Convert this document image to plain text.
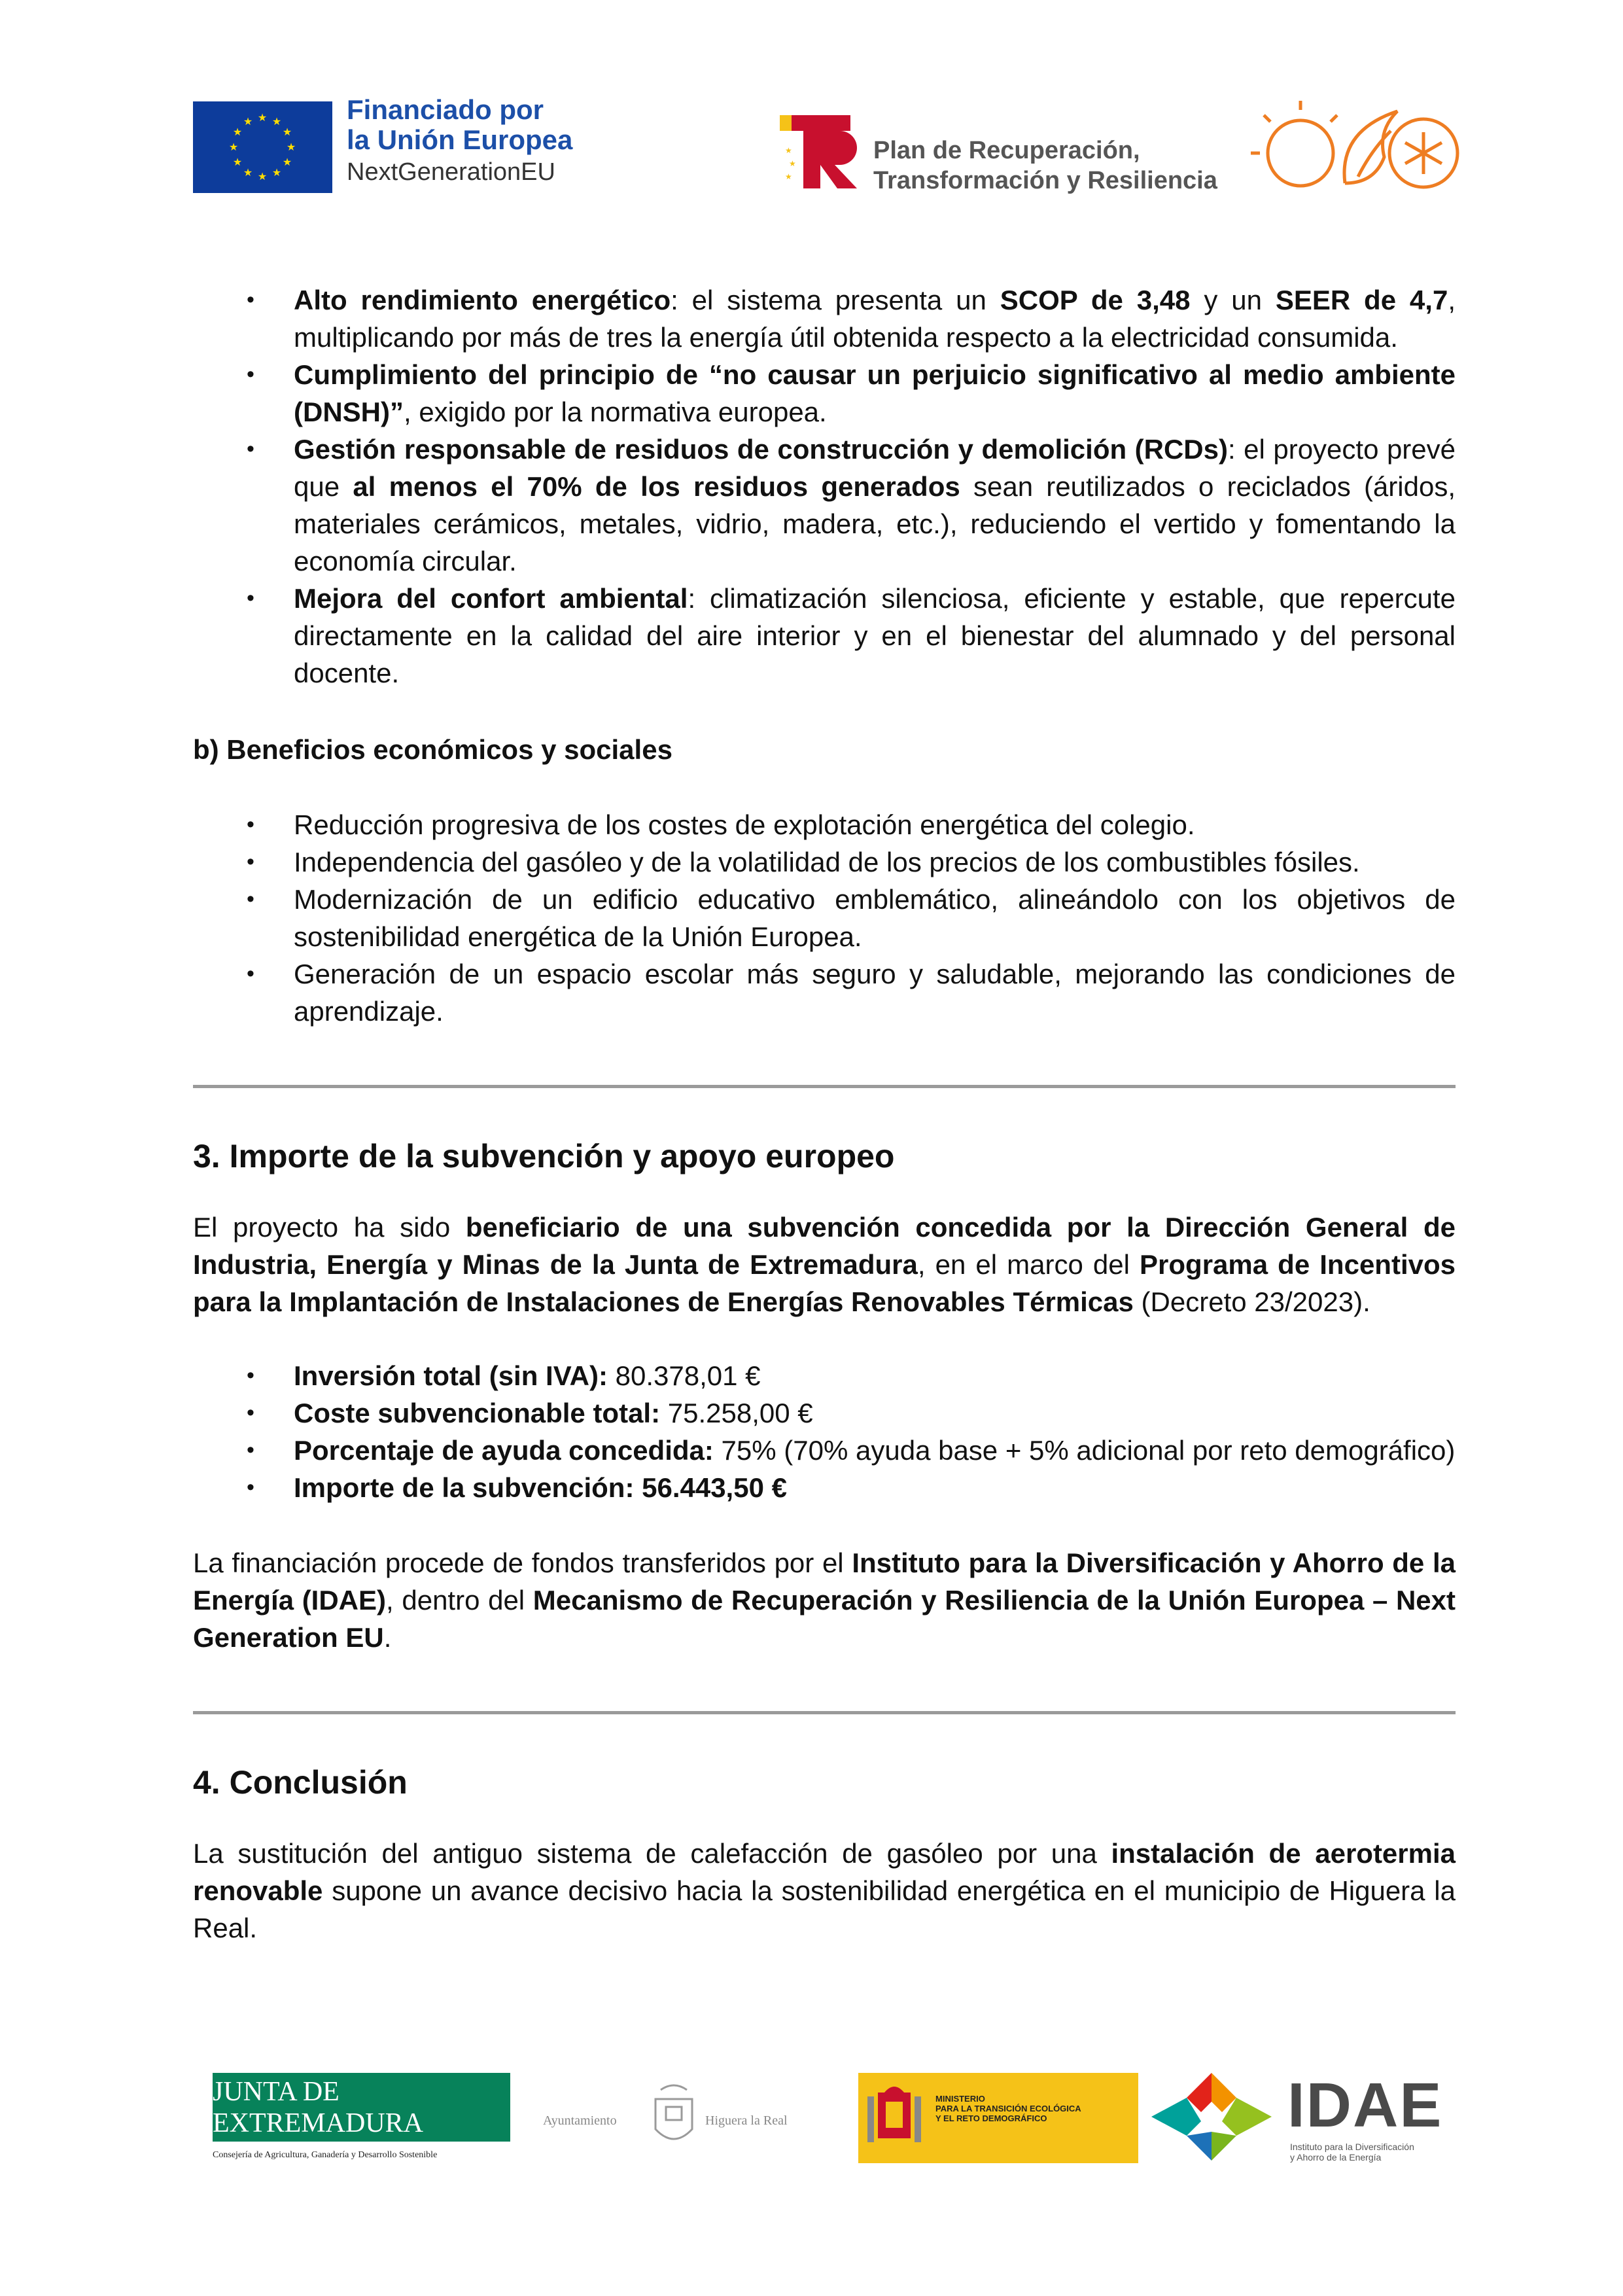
★ ★
★
★
★
★
★
★
★
★
★
★	Financiado por
la Unión Europea
NextGenerationEU
★
★
★
Plan de Recuperación,
Transformación y Resiliencia
• Alto rendimiento energético: el sistema presenta un SCOP de 3,48 y un SEER de 4,7, multiplicando por más de tres la energía útil obtenida respecto a la electricidad consumida.
• Cumplimiento del principio de “no causar un perjuicio significativo al medio ambiente (DNSH)”, exigido por la normativa europea.
• Gestión responsable de residuos de construcción y demolición (RCDs): el proyecto prevé que al menos el 70% de los residuos generados sean reutilizados o reciclados (áridos, materiales cerámicos, metales, vidrio, madera, etc.), reduciendo el vertido y fomentando la economía circular.
• Mejora del confort ambiental: climatización silenciosa, eficiente y estable, que repercute directamente en la calidad del aire interior y en el bienestar del alumnado y del personal docente.
b) Beneficios económicos y sociales
• Reducción progresiva de los costes de explotación energética del colegio.
• Independencia del gasóleo y de la volatilidad de los precios de los combustibles fósiles.
• Modernización de un edificio educativo emblemático, alineándolo con los objetivos de sostenibilidad energética de la Unión Europea.
• Generación de un espacio escolar más seguro y saludable, mejorando las condiciones de aprendizaje.
3. Importe de la subvención y apoyo europeo

El proyecto ha sido beneficiario de una subvención concedida por la Dirección General de Industria, Energía y Minas de la Junta de Extremadura, en el marco del Programa de Incentivos para la Implantación de Instalaciones de Energías Renovables Térmicas (Decreto 23/2023).

• Inversión total (sin IVA): 80.378,01 €
• Coste subvencionable total: 75.258,00 €
• Porcentaje de ayuda concedida: 75% (70% ayuda base + 5% adicional por reto demográfico)
• Importe de la subvención: 56.443,50 €

La financiación procede de fondos transferidos por el Instituto para la Diversificación y Ahorro de la Energía (IDAE), dentro del Mecanismo de Recuperación y Resiliencia de la Unión Europea – Next Generation EU.

4. Conclusión

La sustitución del antiguo sistema de calefacción de gasóleo por una instalación de aerotermia renovable supone un avance decisivo hacia la sostenibilidad energética en el municipio de Higuera la Real.

JUNTA DE EXTREMADURA
Consejería de Agricultura, Ganadería y Desarrollo Sostenible
Ayuntamiento	Higuera la Real
MINISTERIO
PARA LA TRANSICIÓN ECOLÓGICA
Y EL RETO DEMOGRÁFICO	IDAE
Instituto para la Diversificación
y Ahorro de la Energía
